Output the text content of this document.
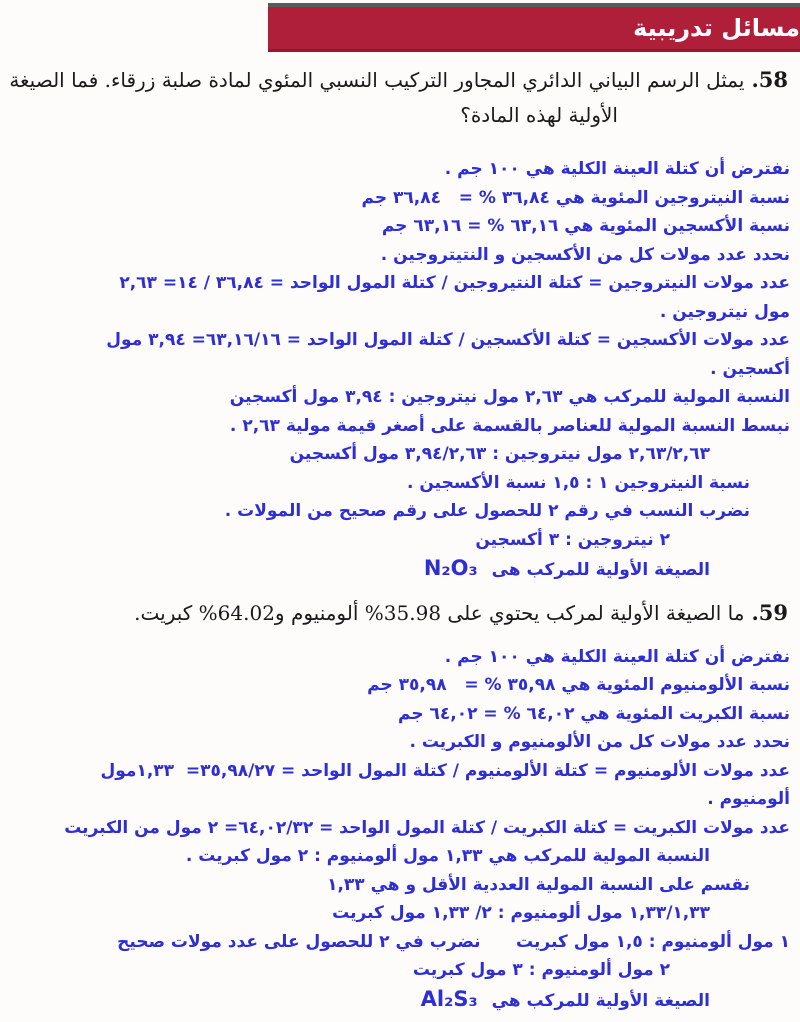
مسائل تدريبية
58.يمثل الرسم البياني الدائري المجاور التركيب النسبي المئوي لمادة صلبة زرقاء. فما الصيغة
الأولية لهذه المادة؟
نفترض أن كتلة العينة الكلية هي ١٠٠ جم .
نسبة النيتروجين المئوية هي ٣٦,٨٤ % =   ٣٦,٨٤ جم
نسبة الأكسجين المئوية هي ٦٣,١٦ % = ٦٣,١٦ جم
نحدد عدد مولات كل من الأكسجين و النتيتروجين .
عدد مولات النيتروجين = كتلة النتيروجين / كتلة المول الواحد = ٣٦,٨٤ / ١٤= ٢,٦٣
مول نيتروجين .
عدد مولات الأكسجين = كتلة الأكسجين / كتلة المول الواحد = ٦٣,١٦/١٦= ٣,٩٤ مول
أكسجين .
النسبة المولية للمركب هي ٢,٦٣ مول نيتروجين : ٣,٩٤ مول أكسجين
نبسط النسبة المولية للعناصر بالقسمة على أصغر قيمة مولية ٢,٦٣ .
٢,٦٣/٢,٦٣ مول نيتروجين : ٣,٩٤/٢,٦٣ مول أكسجين
نسبة النيتروجين ١ : ١,٥ نسبة الأكسجين .
نضرب النسب في رقم ٢ للحصول على رقم صحيح من المولات .
٢ نيتروجين : ٣ أكسجين
الصيغة الأولية للمركب هى N₂O₃
59.ما الصيغة الأولية لمركب يحتوي على 35.98% ألومنيوم و64.02% كبريت.
نفترض أن كتلة العينة الكلية هي ١٠٠ جم .
نسبة الألومنيوم المئوية هي ٣٥,٩٨ % =   ٣٥,٩٨ جم
نسبة الكبريت المئوية هي ٦٤,٠٢ % = ٦٤,٠٢ جم
نحدد عدد مولات كل من الألومنيوم و الكبريت .
عدد مولات الألومنيوم = كتلة الألومنيوم / كتلة المول الواحد = ٣٥,٩٨/٢٧=  ١,٣٣مول
ألومنيوم .
عدد مولات الكبريت = كتلة الكبريت / كتلة المول الواحد = ٦٤,٠٢/٣٢= ٢ مول من الكبريت
النسبة المولية للمركب هي ١,٣٣ مول ألومنيوم : ٢ مول كبريت .
نقسم على النسبة المولية العددية الأقل و هي ١,٣٣
١,٣٣/١,٣٣ مول ألومنيوم : ٢/ ١,٣٣ مول كبريت
١ مول ألومنيوم : ١,٥ مول كبريت      نضرب في ٢ للحصول على عدد مولات صحيح
٢ مول ألومنيوم : ٣ مول كبريت
الصيغة الأولية للمركب هي Al₂S₃
